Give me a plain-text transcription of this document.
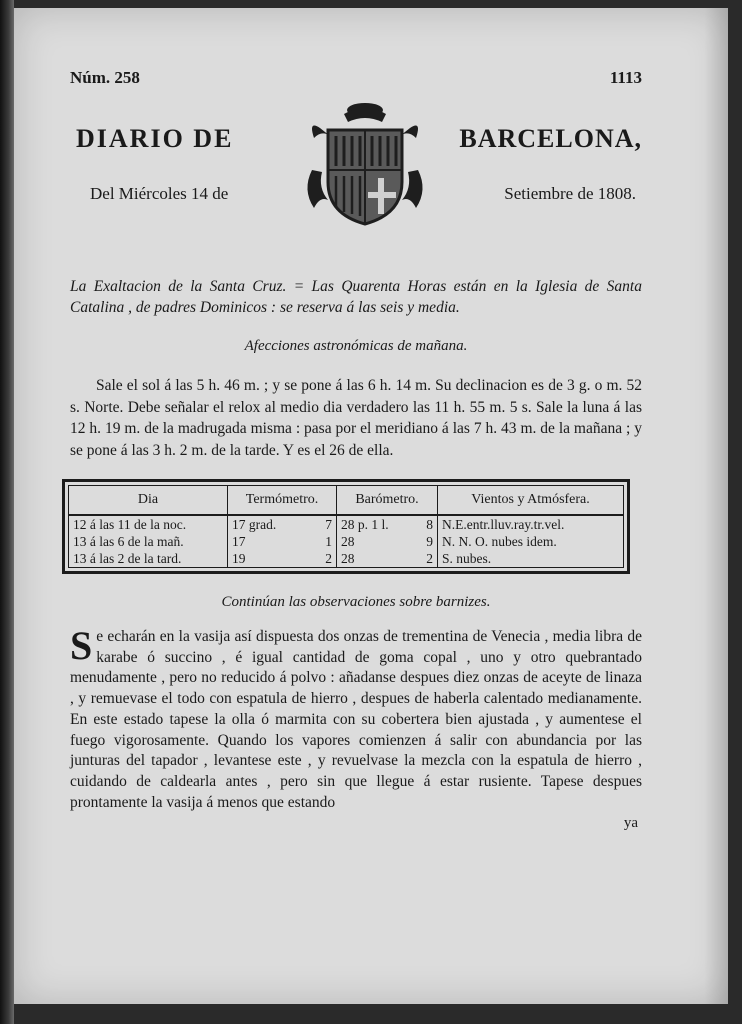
Núm. 258	1113
DIARIO DE	BARCELONA,
Del Miércoles 14 de	Setiembre de 1808.
La Exaltacion de la Santa Cruz. = Las Quarenta Horas están en la Iglesia de Santa Catalina , de padres Dominicos : se reserva á las seis y media.
Afecciones astronómicas de mañana.
Sale el sol á las 5 h. 46 m. ; y se pone á las 6 h. 14 m. Su declinacion es de 3 g. o m. 52 s. Norte. Debe señalar el relox al medio dia verdadero las 11 h. 55 m. 5 s. Sale la luna á las 12 h. 19 m. de la madrugada misma : pasa por el meridiano á las 7 h. 43 m. de la mañana ; y se pone á las 3 h. 2 m. de la tarde. Y es el 26 de ella.
Dia	Termómetro.	Barómetro.	Vientos y Atmósfera.
12 á las 11 de la noc.	17 grad. 7	28 p. 1 l. 8	N.E.entr.lluv.ray.tr.vel.
13 á las 6 de la mañ.	17 1	28 9	N. N. O. nubes idem.
13 á las 2 de la tard.	19 2	28 2	S. nubes.
Continúan las observaciones sobre barnizes.
Se echarán en la vasija así dispuesta dos onzas de trementina de Venecia , media libra de karabe ó succino , é igual cantidad de goma copal , uno y otro quebrantado menudamente , pero no reducido á polvo : añadanse despues diez onzas de aceyte de linaza , y remuevase el todo con espatula de hierro , despues de haberla calentado medianamente. En este estado tapese la olla ó marmita con su cobertera bien ajustada , y aumentese el fuego vigorosamente. Quando los vapores comienzen á salir con abundancia por las junturas del tapador , levantese este , y revuelvase la mezcla con la espatula de hierro , cuidando de caldearla antes , pero sin que llegue á estar rusiente. Tapese despues prontamente la vasija á menos que estando
ya
